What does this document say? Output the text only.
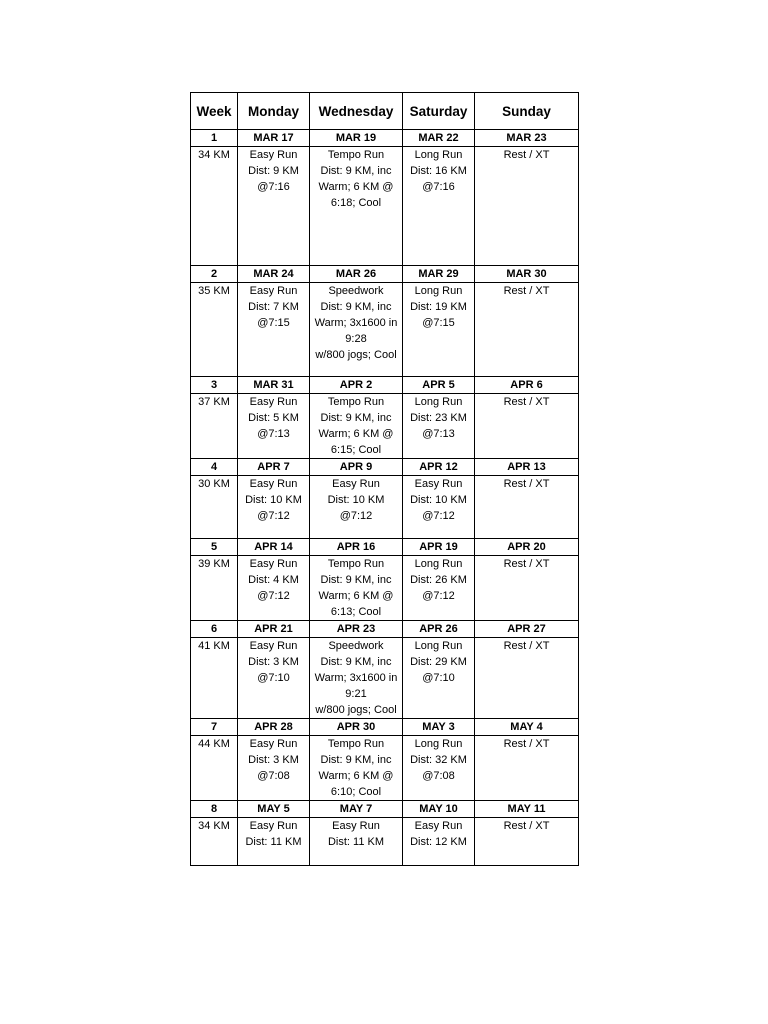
Week	Monday	Wednesday	Saturday	Sunday
1	MAR 17	MAR 19	MAR 22	MAR 23
34 KM	Easy Run
Dist: 9 KM
@7:16	Tempo Run
Dist: 9 KM, inc
Warm; 6 KM @
6:18; Cool	Long Run
Dist: 16 KM
@7:16	Rest / XT

2	MAR 24	MAR 26	MAR 29	MAR 30
35 KM	Easy Run
Dist: 7 KM
@7:15	Speedwork
Dist: 9 KM, inc
Warm; 3x1600 in
9:28
w/800 jogs; Cool	Long Run
Dist: 19 KM
@7:15	Rest / XT

3	MAR 31	APR 2	APR 5	APR 6
37 KM	Easy Run
Dist: 5 KM
@7:13	Tempo Run
Dist: 9 KM, inc
Warm; 6 KM @
6:15; Cool	Long Run
Dist: 23 KM
@7:13	Rest / XT

4	APR 7	APR 9	APR 12	APR 13
30 KM	Easy Run
Dist: 10 KM
@7:12	Easy Run
Dist: 10 KM
@7:12	Easy Run
Dist: 10 KM
@7:12	Rest / XT

5	APR 14	APR 16	APR 19	APR 20
39 KM	Easy Run
Dist: 4 KM
@7:12	Tempo Run
Dist: 9 KM, inc
Warm; 6 KM @
6:13; Cool	Long Run
Dist: 26 KM
@7:12	Rest / XT

6	APR 21	APR 23	APR 26	APR 27
41 KM	Easy Run
Dist: 3 KM
@7:10	Speedwork
Dist: 9 KM, inc
Warm; 3x1600 in
9:21
w/800 jogs; Cool	Long Run
Dist: 29 KM
@7:10	Rest / XT

7	APR 28	APR 30	MAY 3	MAY 4
44 KM	Easy Run
Dist: 3 KM
@7:08	Tempo Run
Dist: 9 KM, inc
Warm; 6 KM @
6:10; Cool	Long Run
Dist: 32 KM
@7:08	Rest / XT

8	MAY 5	MAY 7	MAY 10	MAY 11
34 KM	Easy Run
Dist: 11 KM	Easy Run
Dist: 11 KM	Easy Run
Dist: 12 KM	Rest / XT
